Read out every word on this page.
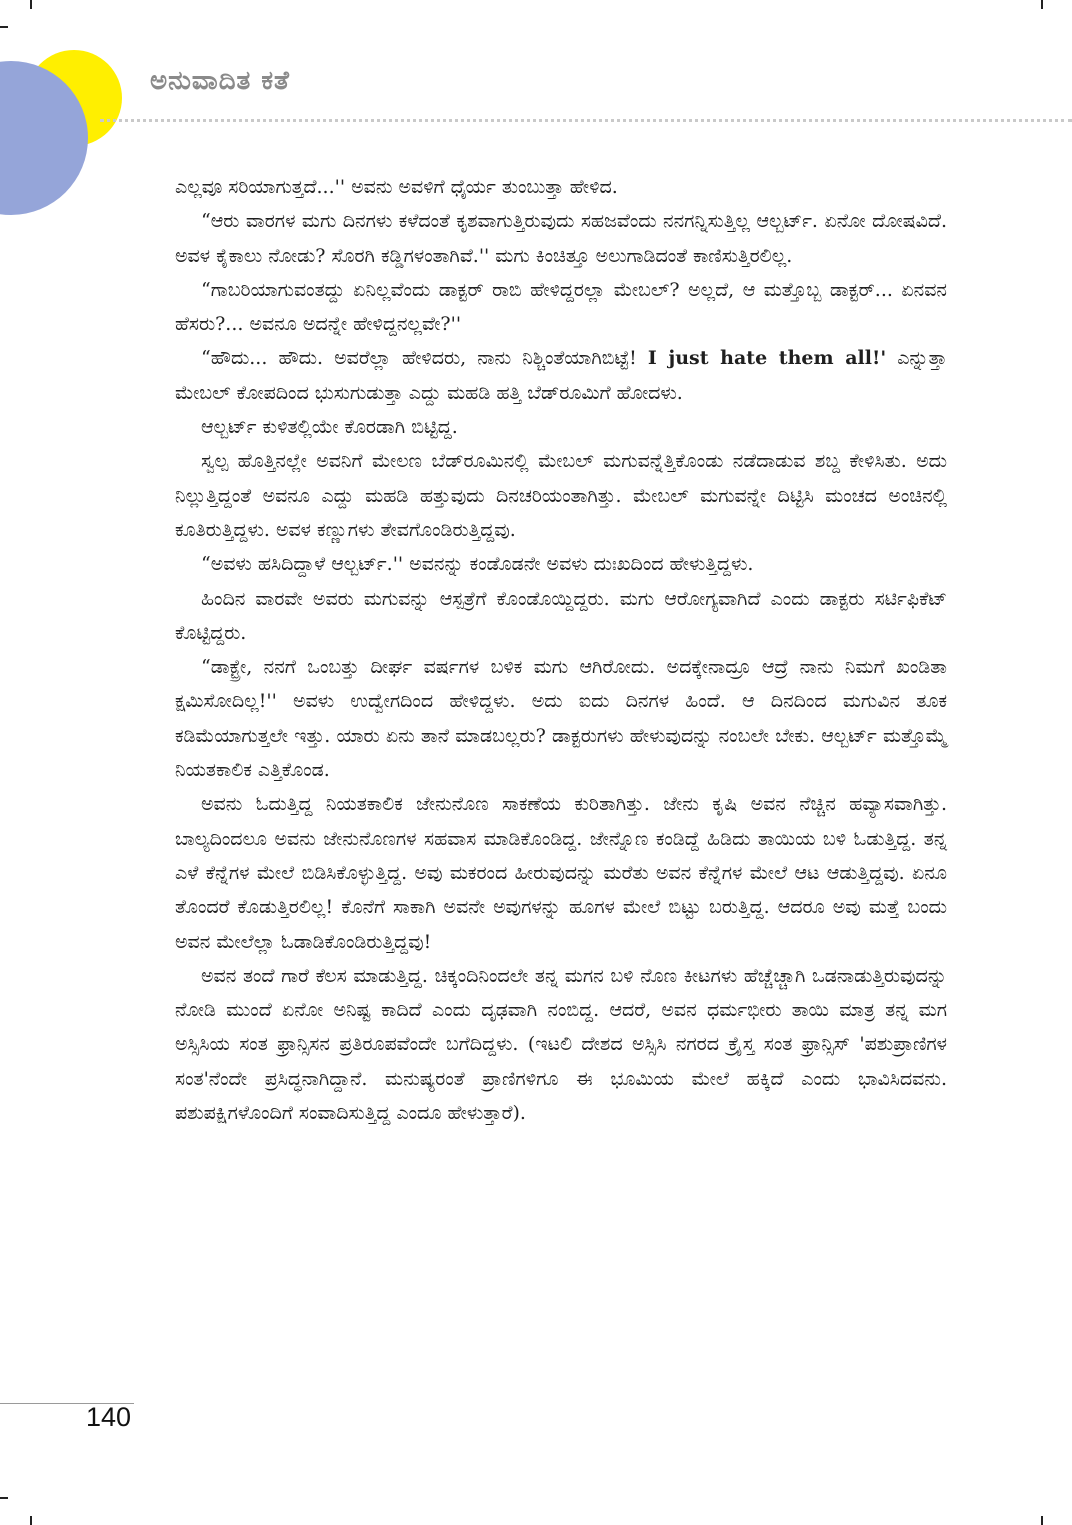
ಅನುವಾದಿತ ಕತೆ

ಎಲ್ಲವೂ ಸರಿಯಾಗುತ್ತದೆ...'' ಅವನು ಅವಳಿಗೆ ಧೈರ್ಯ ತುಂಬುತ್ತಾ ಹೇಳಿದ.

“ಆರು ವಾರಗಳ ಮಗು ದಿನಗಳು ಕಳೆದಂತೆ ಕೃಶವಾಗುತ್ತಿರುವುದು ಸಹಜವೆಂದು ನನಗನ್ನಿಸುತ್ತಿಲ್ಲ ಆಲ್ಬರ್ಟ್. ಏನೋ ದೋಷವಿದೆ. ಅವಳ ಕೈಕಾಲು ನೋಡು? ಸೊರಗಿ ಕಡ್ಡಿಗಳಂತಾಗಿವೆ.'' ಮಗು ಕಿಂಚಿತ್ತೂ ಅಲುಗಾಡಿದಂತೆ ಕಾಣಿಸುತ್ತಿರಲಿಲ್ಲ.

“ಗಾಬರಿಯಾಗುವಂತದ್ದು ಏನಿಲ್ಲವೆಂದು ಡಾಕ್ಟರ್ ರಾಬಿ ಹೇಳಿದ್ದರಲ್ಲಾ ಮೇಬಲ್? ಅಲ್ಲದೆ, ಆ ಮತ್ತೊಬ್ಬ ಡಾಕ್ಟರ್... ಏನವನ ಹೆಸರು?... ಅವನೂ ಅದನ್ನೇ ಹೇಳಿದ್ದನಲ್ಲವೇ?''

“ಹೌದು... ಹೌದು. ಅವರೆಲ್ಲಾ ಹೇಳಿದರು, ನಾನು ನಿಶ್ಚಿಂತೆಯಾಗಿಬಿಟ್ಟೆ! I just hate them all!' ಎನ್ನುತ್ತಾ ಮೇಬಲ್ ಕೋಪದಿಂದ ಭುಸುಗುಡುತ್ತಾ ಎದ್ದು ಮಹಡಿ ಹತ್ತಿ ಬೆಡ್‌ರೂಮಿಗೆ ಹೋದಳು.

ಆಲ್ಬರ್ಟ್ ಕುಳಿತಲ್ಲಿಯೇ ಕೊರಡಾಗಿ ಬಿಟ್ಟಿದ್ದ.

ಸ್ವಲ್ಪ ಹೊತ್ತಿನಲ್ಲೇ ಅವನಿಗೆ ಮೇಲಣ ಬೆಡ್‌ರೂಮಿನಲ್ಲಿ ಮೇಬಲ್ ಮಗುವನ್ನೆತ್ತಿಕೊಂಡು ನಡೆದಾಡುವ ಶಬ್ದ ಕೇಳಿಸಿತು. ಅದು ನಿಲ್ಲುತ್ತಿದ್ದಂತೆ ಅವನೂ ಎದ್ದು ಮಹಡಿ ಹತ್ತುವುದು ದಿನಚರಿಯಂತಾಗಿತ್ತು. ಮೇಬಲ್ ಮಗುವನ್ನೇ ದಿಟ್ಟಿಸಿ ಮಂಚದ ಅಂಚಿನಲ್ಲಿ ಕೂತಿರುತ್ತಿದ್ದಳು. ಅವಳ ಕಣ್ಣುಗಳು ತೇವಗೊಂಡಿರುತ್ತಿದ್ದವು.

“ಅವಳು ಹಸಿದಿದ್ದಾಳೆ ಆಲ್ಬರ್ಟ್.'' ಅವನನ್ನು ಕಂಡೊಡನೇ ಅವಳು ದುಃಖದಿಂದ ಹೇಳುತ್ತಿದ್ದಳು.

ಹಿಂದಿನ ವಾರವೇ ಅವರು ಮಗುವನ್ನು ಆಸ್ಪತ್ರೆಗೆ ಕೊಂಡೊಯ್ದಿದ್ದರು. ಮಗು ಆರೋಗ್ಯವಾಗಿದೆ ಎಂದು ಡಾಕ್ಟರು ಸರ್ಟಿಫಿಕೆಟ್ ಕೊಟ್ಟಿದ್ದರು.

“ಡಾಕ್ಟ್ರೇ, ನನಗೆ ಒಂಬತ್ತು ದೀರ್ಘ ವರ್ಷಗಳ ಬಳಿಕ ಮಗು ಆಗಿರೋದು. ಅದಕ್ಕೇನಾದ್ರೂ ಆದ್ರೆ ನಾನು ನಿಮಗೆ ಖಂಡಿತಾ ಕ್ಷಮಿಸೋದಿಲ್ಲ!'' ಅವಳು ಉದ್ವೇಗದಿಂದ ಹೇಳಿದ್ದಳು. ಅದು ಐದು ದಿನಗಳ ಹಿಂದೆ. ಆ ದಿನದಿಂದ ಮಗುವಿನ ತೂಕ ಕಡಿಮೆಯಾಗುತ್ತಲೇ ಇತ್ತು. ಯಾರು ಏನು ತಾನೆ ಮಾಡಬಲ್ಲರು? ಡಾಕ್ಟರುಗಳು ಹೇಳುವುದನ್ನು ನಂಬಲೇ ಬೇಕು. ಆಲ್ಬರ್ಟ್ ಮತ್ತೊಮ್ಮೆ ನಿಯತಕಾಲಿಕ ಎತ್ತಿಕೊಂಡ.

ಅವನು ಓದುತ್ತಿದ್ದ ನಿಯತಕಾಲಿಕ ಜೇನುನೊಣ ಸಾಕಣೆಯ ಕುರಿತಾಗಿತ್ತು. ಜೇನು ಕೃಷಿ ಅವನ ನೆಚ್ಚಿನ ಹವ್ಯಾಸವಾಗಿತ್ತು. ಬಾಲ್ಯದಿಂದಲೂ ಅವನು ಜೇನುನೊಣಗಳ ಸಹವಾಸ ಮಾಡಿಕೊಂಡಿದ್ದ. ಜೇನ್ನೊಣ ಕಂಡಿದ್ದೆ ಹಿಡಿದು ತಾಯಿಯ ಬಳಿ ಓಡುತ್ತಿದ್ದ. ತನ್ನ ಎಳೆ ಕೆನ್ನೆಗಳ ಮೇಲೆ ಬಿಡಿಸಿಕೊಳ್ಳುತ್ತಿದ್ದ. ಅವು ಮಕರಂದ ಹೀರುವುದನ್ನು ಮರೆತು ಅವನ ಕೆನ್ನೆಗಳ ಮೇಲೆ ಆಟ ಆಡುತ್ತಿದ್ದವು. ಏನೂ ತೊಂದರೆ ಕೊಡುತ್ತಿರಲಿಲ್ಲ! ಕೊನೆಗೆ ಸಾಕಾಗಿ ಅವನೇ ಅವುಗಳನ್ನು ಹೂಗಳ ಮೇಲೆ ಬಿಟ್ಟು ಬರುತ್ತಿದ್ದ. ಆದರೂ ಅವು ಮತ್ತೆ ಬಂದು ಅವನ ಮೇಲೆಲ್ಲಾ ಓಡಾಡಿಕೊಂಡಿರುತ್ತಿದ್ದವು!

ಅವನ ತಂದೆ ಗಾರೆ ಕೆಲಸ ಮಾಡುತ್ತಿದ್ದ. ಚಿಕ್ಕಂದಿನಿಂದಲೇ ತನ್ನ ಮಗನ ಬಳಿ ನೊಣ ಕೀಟಗಳು ಹೆಚ್ಚೆಚ್ಚಾಗಿ ಒಡನಾಡುತ್ತಿರುವುದನ್ನು ನೋಡಿ ಮುಂದೆ ಏನೋ ಅನಿಷ್ಟ ಕಾದಿದೆ ಎಂದು ದೃಢವಾಗಿ ನಂಬಿದ್ದ. ಆದರೆ, ಅವನ ಧರ್ಮಭೀರು ತಾಯಿ ಮಾತ್ರ ತನ್ನ ಮಗ ಅಸ್ಸಿಸಿಯ ಸಂತ ಫ್ರಾನ್ಸಿಸನ ಪ್ರತಿರೂಪವೆಂದೇ ಬಗೆದಿದ್ದಳು. (ಇಟಲಿ ದೇಶದ ಅಸ್ಸಿಸಿ ನಗರದ ಕ್ರೈಸ್ತ ಸಂತ ಫ್ರಾನ್ಸಿಸ್ 'ಪಶುಪ್ರಾಣಿಗಳ ಸಂತ'ನೆಂದೇ ಪ್ರಸಿದ್ಧನಾಗಿದ್ದಾನೆ. ಮನುಷ್ಯರಂತೆ ಪ್ರಾಣಿಗಳಿಗೂ ಈ ಭೂಮಿಯ ಮೇಲೆ ಹಕ್ಕಿದೆ ಎಂದು ಭಾವಿಸಿದವನು. ಪಶುಪಕ್ಷಿಗಳೊಂದಿಗೆ ಸಂವಾದಿಸುತ್ತಿದ್ದ ಎಂದೂ ಹೇಳುತ್ತಾರೆ).

140
